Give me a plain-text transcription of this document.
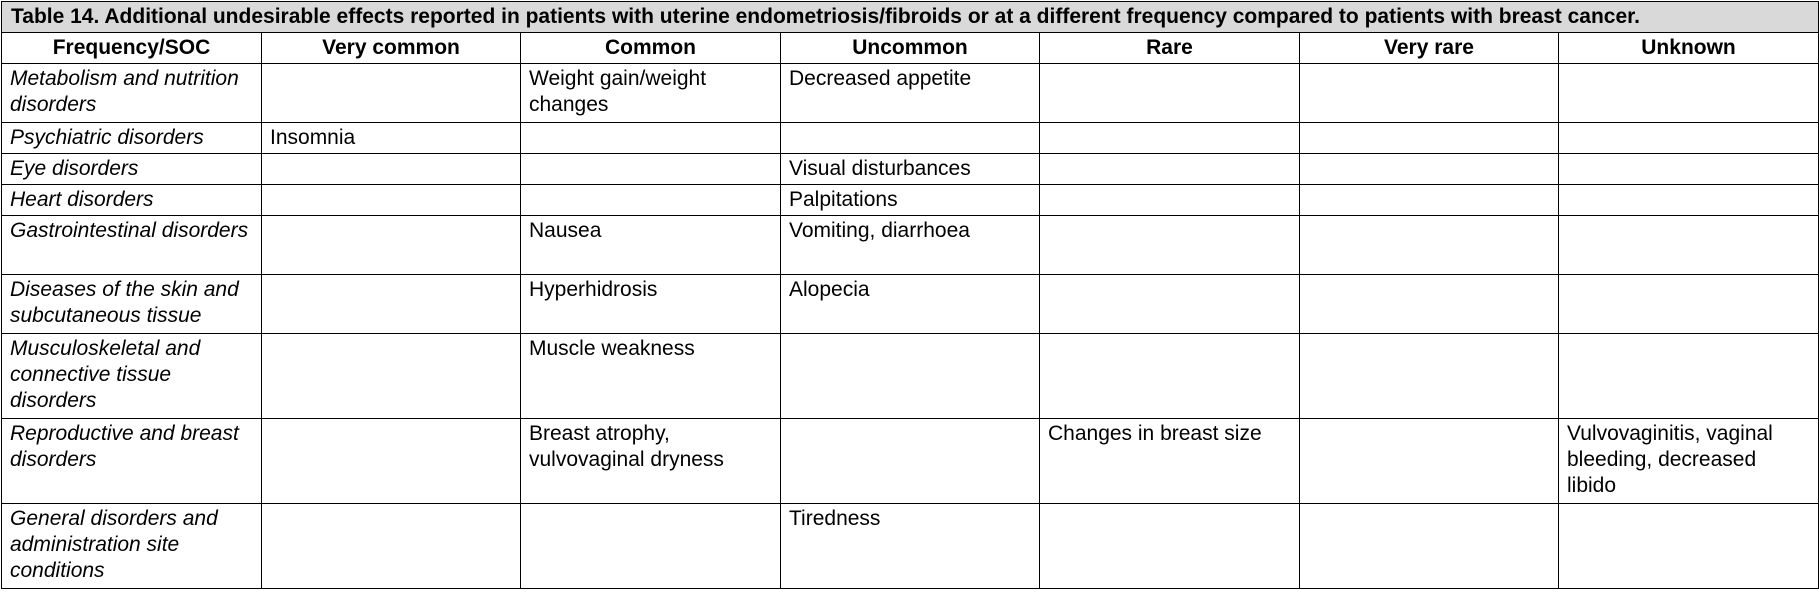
Table 14. Additional undesirable effects reported in patients with uterine endometriosis/fibroids or at a different frequency compared to patients with breast cancer.						
Frequency/SOC	Very common	Common	Uncommon	Rare	Very rare	Unknown
Metabolism and nutrition disorders		Weight gain/weight changes	Decreased appetite			
Psychiatric disorders	Insomnia					
Eye disorders			Visual disturbances			
Heart disorders			Palpitations			
Gastrointestinal disorders		Nausea	Vomiting, diarrhoea			
Diseases of the skin and subcutaneous tissue		Hyperhidrosis	Alopecia			
Musculoskeletal and connective tissue disorders		Muscle weakness				
Reproductive and breast disorders		Breast atrophy, vulvovaginal dryness		Changes in breast size		Vulvovaginitis, vaginal bleeding, decreased libido
General disorders and administration site conditions			Tiredness			
